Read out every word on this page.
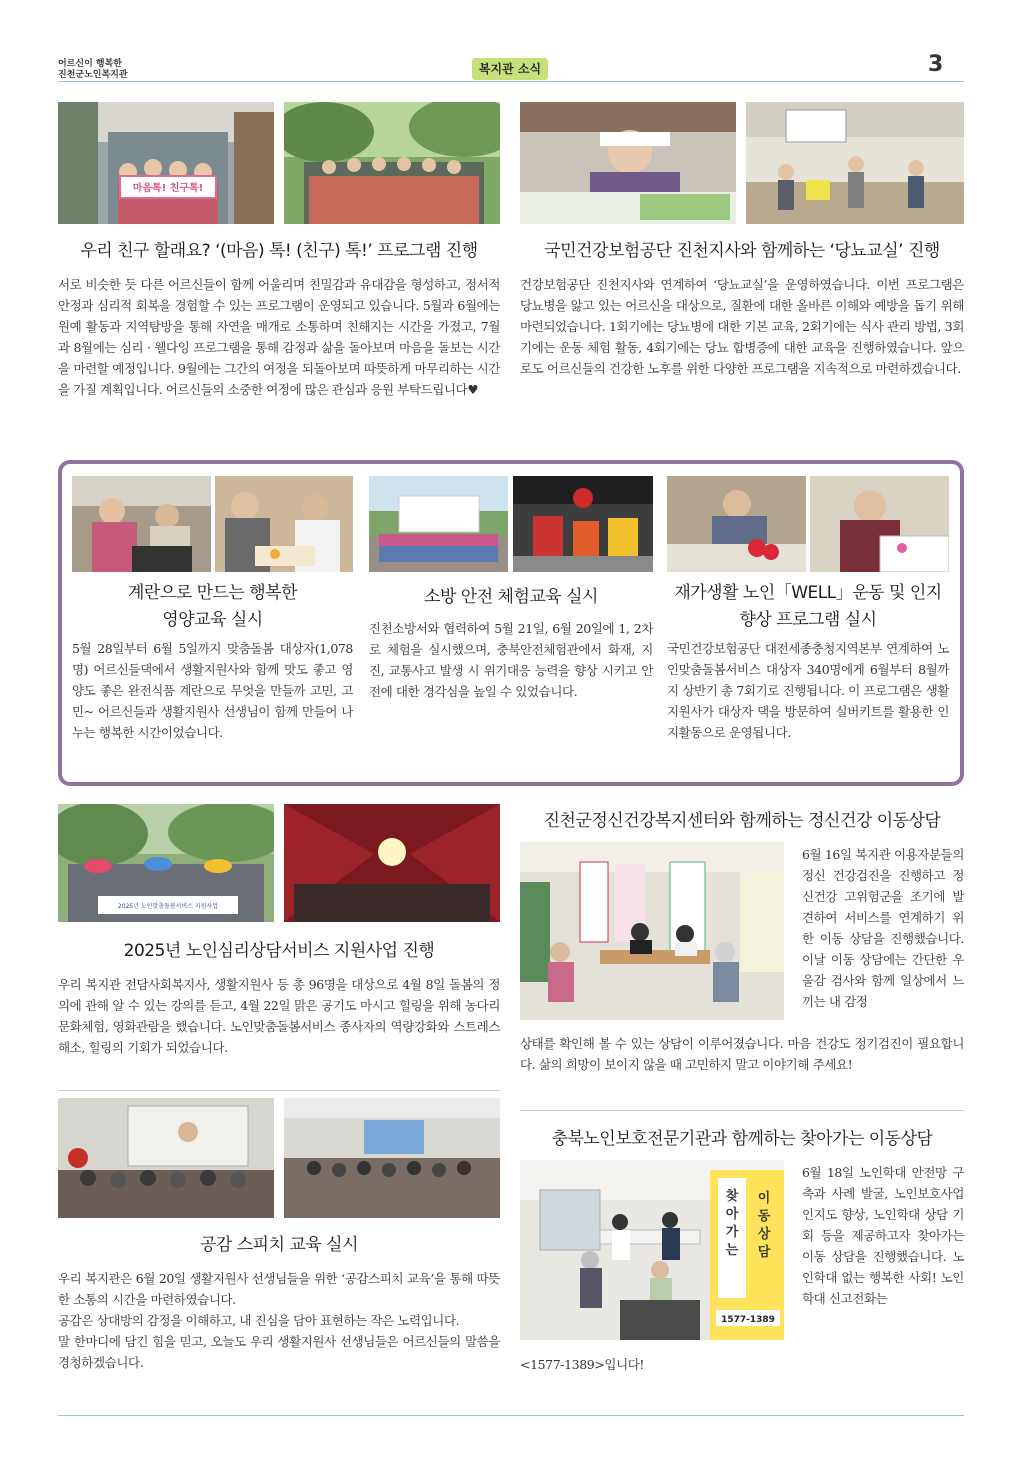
어르신이 행복한
진천군노인복지관	복지관 소식	3
마음톡! 친구톡!
우리 친구 할래요? ‘(마음) 톡! (친구) 톡!’ 프로그램 진행	국민건강보험공단 진천지사와 함께하는 ‘당뇨교실’ 진행
서로 비슷한 듯 다른 어르신들이 함께 어울리며 친밀감과 유대감을 형성하고, 정서적 안정과 심리적 회복을 경험할 수 있는 프로그램이 운영되고 있습니다. 5월과 6월에는 원예 활동과 지역탐방을 통해 자연을 매개로 소통하며 친해지는 시간을 가졌고, 7월과 8월에는 심리 · 웰다잉 프로그램을 통해 감정과 삶을 돌아보며 마음을 돌보는 시간을 마련할 예정입니다. 9월에는 그간의 여정을 되돌아보며 따뜻하게 마무리하는 시간을 가질 계획입니다. 어르신들의 소중한 여정에 많은 관심과 응원 부탁드립니다♥
건강보험공단 진천지사와 연계하여 ‘당뇨교실’을 운영하였습니다. 이번 프로그램은 당뇨병을 앓고 있는 어르신을 대상으로, 질환에 대한 올바른 이해와 예방을 돕기 위해 마련되었습니다. 1회기에는 당뇨병에 대한 기본 교육, 2회기에는 식사 관리 방법, 3회기에는 운동 체험 활동, 4회기에는 당뇨 합병증에 대한 교육을 진행하였습니다. 앞으로도 어르신들의 건강한 노후를 위한 다양한 프로그램을 지속적으로 마련하겠습니다.
계란으로 만드는 행복한
영양교육 실시
소방 안전 체험교육 실시	재가생활 노인「WELL」운동 및 인지
향상 프로그램 실시
5월 28일부터 6월 5일까지 맞춤돌봄 대상자(1,078명) 어르신들댁에서 생활지원사와 함께 맛도 좋고 영양도 좋은 완전식품 계란으로 무엇을 만들까 고민, 고민~ 어르신들과 생활지원사 선생님이 함께 만들어 나누는 행복한 시간이었습니다.
진천소방서와 협력하여 5월 21일, 6월 20일에 1, 2차로 체험을 실시했으며, 충북안전체험관에서 화재, 지진, 교통사고 발생 시 위기대응 능력을 향상 시키고 안전에 대한 경각심을 높일 수 있었습니다.
국민건강보험공단 대전세종충청지역본부 연계하여 노인맞춤돌봄서비스 대상자 340명에게 6월부터 8월까지 상반기 총 7회기로 진행됩니다. 이 프로그램은 생활지원사가 대상자 댁을 방문하여 실버키트를 활용한 인지활동으로 운영됩니다.
2025년 노인맞춤돌봄서비스 지원사업
2025년 노인심리상담서비스 지원사업 진행
우리 복지관 전담사회복지사, 생활지원사 등 총 96명을 대상으로 4월 8일 돌봄의 정의에 관해 알 수 있는 강의를 듣고, 4월 22일 맑은 공기도 마시고 힐링을 위해 농다리 문화체험, 영화관람을 했습니다. 노인맞춤돌봄서비스 종사자의 역량강화와 스트레스 해소, 힐링의 기회가 되었습니다.
공감 스피치 교육 실시
우리 복지관은 6월 20일 생활지원사 선생님들을 위한 ‘공감스피치 교육’을 통해 따뜻한 소통의 시간을 마련하였습니다.
공감은 상대방의 감정을 이해하고, 내 진심을 담아 표현하는 작은 노력입니다.
말 한마디에 담긴 힘을 믿고, 오늘도 우리 생활지원사 선생님들은 어르신들의 말씀을 경청하겠습니다.
진천군정신건강복지센터와 함께하는 정신건강 이동상담
6월 16일 복지관 이용자분들의 정신 건강검진을 진행하고 정신건강 고위험군을 조기에 발견하여 서비스를 연계하기 위한 이동 상담을 진행했습니다. 이날 이동 상담에는 간단한 우울감 검사와 함께 일상에서 느끼는 내 감정
상태를 확인해 볼 수 있는 상담이 이루어졌습니다. 마음 건강도 정기검진이 필요합니다. 삶의 희망이 보이지 않을 때 고민하지 말고 이야기해 주세요!
충북노인보호전문기관과 함께하는 찾아가는 이동상담
찾
아
가
는
이
동
상
담
1577-1389
6월 18일 노인학대 안전망 구축과 사례 발굴, 노인보호사업 인지도 향상, 노인학대 상담 기회 등을 제공하고자 찾아가는 이동 상담을 진행했습니다. 노인학대 없는 행복한 사회! 노인학대 신고전화는
<1577-1389>입니다!
